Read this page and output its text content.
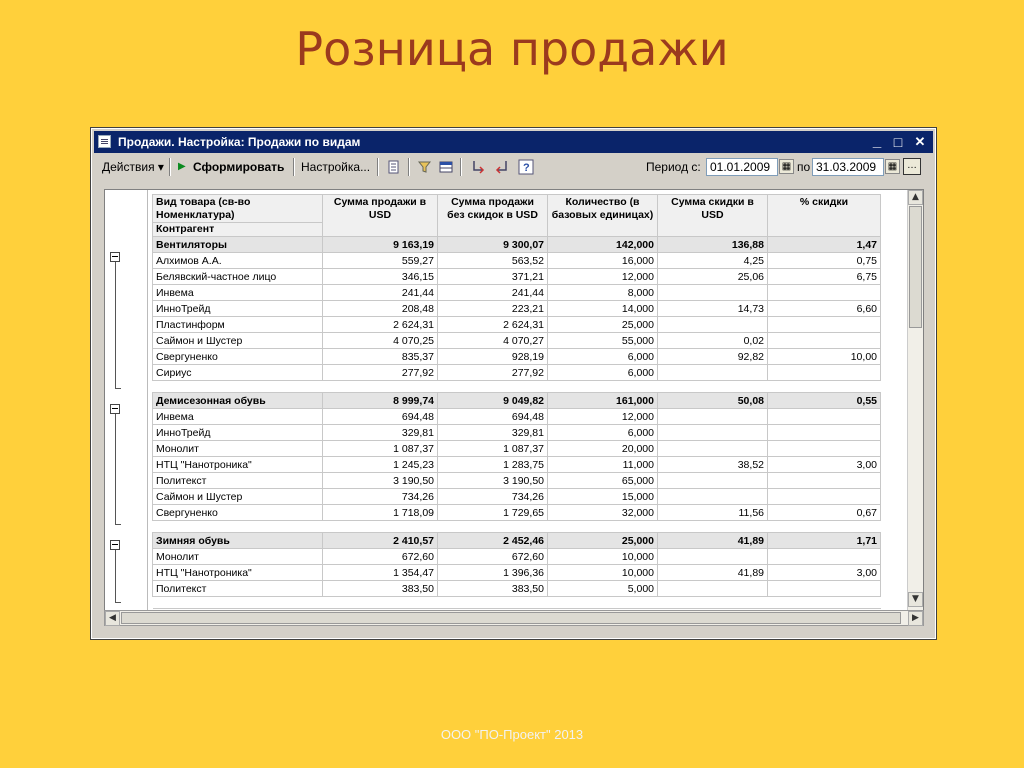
Розница продажи
Продажи. Настройка: Продажи по видам	_ □ ✕
Действия ▾ ▶ Сформировать Настройка...	?	Период с: 01.01.2009	▦ по 31.03.2009	▦ …
Вид товара (св-во
Номенклатура)
Контрагент	Сумма продажи в USD	Сумма продажи без скидок в USD	Количество (в базовых единицах)	Сумма скидки в USD	% скидки
Вентиляторы	9 163,19	9 300,07	142,000	136,88	1,47
Алхимов А.А.	559,27	563,52	16,000	4,25	0,75
Белявский-частное лицо	346,15	371,21	12,000	25,06	6,75
Инвема	241,44	241,44	8,000		
ИнноТрейд	208,48	223,21	14,000	14,73	6,60
Пластинформ	2 624,31	2 624,31	25,000		
Саймон и Шустер	4 070,25	4 070,27	55,000	0,02	
Свергуненко	835,37	928,19	6,000	92,82	10,00
Сириус	277,92	277,92	6,000		

Демисезонная обувь	8 999,74	9 049,82	161,000	50,08	0,55
Инвема	694,48	694,48	12,000		
ИнноТрейд	329,81	329,81	6,000		
Монолит	1 087,37	1 087,37	20,000		
НТЦ "Нанотроника"	1 245,23	1 283,75	11,000	38,52	3,00
Политекст	3 190,50	3 190,50	65,000		
Саймон и Шустер	734,26	734,26	15,000		
Свергуненко	1 718,09	1 729,65	32,000	11,56	0,67

Зимняя обувь	2 410,57	2 452,46	25,000	41,89	1,71
Монолит	672,60	672,60	10,000		
НТЦ "Нанотроника"	1 354,47	1 396,36	10,000	41,89	3,00
Политекст	383,50	383,50	5,000		

▲
▼
◀	▶
ООО "ПО-Проект" 2013
